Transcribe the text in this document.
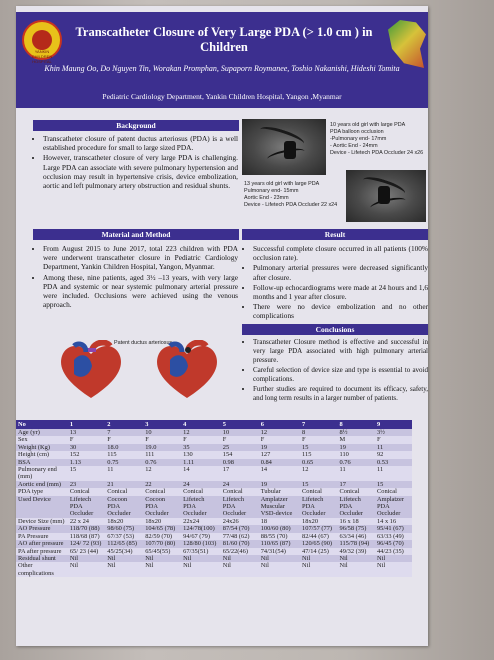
YANKIN CHILDREN HOSPITAL
Transcatheter Closure of Very Large PDA (> 1.0 cm ) in Children
Khin Maung Oo, Do Nguyen Tin, Worakan Promphan, Supaporn Roymanee, Toshio Nakanishi, Hideshi Tomita
Pediatric Cardiology Department, Yankin Children Hospital, Yangon ,Myanmar
Background
• Transcatheter closure of patent ductus arteriosus (PDA) is a well established procedure for small to large sized PDA.
• However, transcatheter closure of very large PDA is challenging. Large PDA can associate with severe pulmonary hypertension and occlusion may result in hypertensive crisis, device embolization, aortic and left pulmonary artery obstruction and residual shunts.
10 years old girl with large PDA
PDA balloon occlusion
-Pulmonary end- 17mm
- Aortic End - 24mm
Device - Lifetech PDA Occluder 24 x26
13 years old girl with large PDA
Pulmonary end- 15mm
Aortic End - 23mm
Device - Lifetech PDA Occluder 22 x24
Material and Method
• From August 2015 to June 2017, total 223 children with PDA were underwent transcatheter closure in Pediatric Cardiology Department, Yankin Children Hospital, Yangon, Myanmar.
• Among these, nine patients, aged 3½ –13 years, with very large PDA and systemic or near systemic pulmonary arterial pressure were included. Occlusions were achieved using the venous approach.
Result
• Successful complete closure occurred in all patients (100% occlusion rate).
• Pulmonary arterial pressures were decreased significantly after closure.
• Follow-up echocardiograms were made at 24 hours and 1,6 months and 1 year after closure.
• There were no device embolization and no other complications
Patent ductus arteriosus
Conclusions
• Transcatheter Closure method is effective and successful in very large PDA associated with high pulmonary arterial pressure.
• Careful selection of device size and type is essential to avoid complications.
• Further studies are required to document its efficacy, safety, and long term results in a larger number of patients.
No	1	2	3	4	5	6	7	8	9
Age (yr)	13	7	10	12	10	12	8	8½	3½
Sex	F	F	F	F	F	F	F	M	F
Weight (Kg)	30	18.0	19.0	35	25	19	15	19	11
Height (cm)	152	115	111	130	154	127	115	110	92
BSA	1.13	0.75	0.76	1.11	0.98	0.84	0.65	0.76	0.53
Pulmonary end (mm)	15	11	12	14	17	14	12	11	11
Aortic end (mm)	23	21	22	24	24	19	15	17	15
PDA type	Conical	Conical	Conical	Conical	Conical	Tubular	Conical	Conical	Conical
Used Device	Lifetech PDA Occluder	Cocoon PDA Occluder	Cocoon PDA Occluder	Lifetech PDA Occluder	Lifetech PDA Occluder	Amplatzer Muscular VSD-device	Lifetech PDA Occluder	Lifetech PDA Occluder	Amplatzer PDA Occluder
Device Size (mm)	22 x 24	18x20	18x20	22x24	24x26	18	18x20	16 x 18	14 x 16
AO Pressure	118/70 (88)	98/60 (75)	104/65 (78)	124/78(100)	87/54 (70)	100/60 (80)	107/57 (77)	96/58 (75)	95/41 (67)
PA Pressure	118/68 (87)	67/37 (53)	82/59 (70)	94/67 (79)	77/48 (62)	88/55 (70)	82/44 (67)	63/34 (46)	63/33 (49)
AO after pressure	124/ 72 (93)	112/65 (85)	107/70 (80)	128/80 (103)	81/60 (70)	110/65 (87)	120/65 (90)	115/78 (94)	96/45 (70)
PA after pressure	65/ 23 (44)	45/25(34)	65/45(55)	67/35(51)	65/22(46)	74/31(54)	47/14 (25)	49/32 (39)	44/23 (35)
Residual shunt	Nil	Nil	Nil	Nil	Nil	Nil	Nil	Nil	Nil
Other complications	Nil	Nil	Nil	Nil	Nil	Nil	Nil	Nil	Nil
